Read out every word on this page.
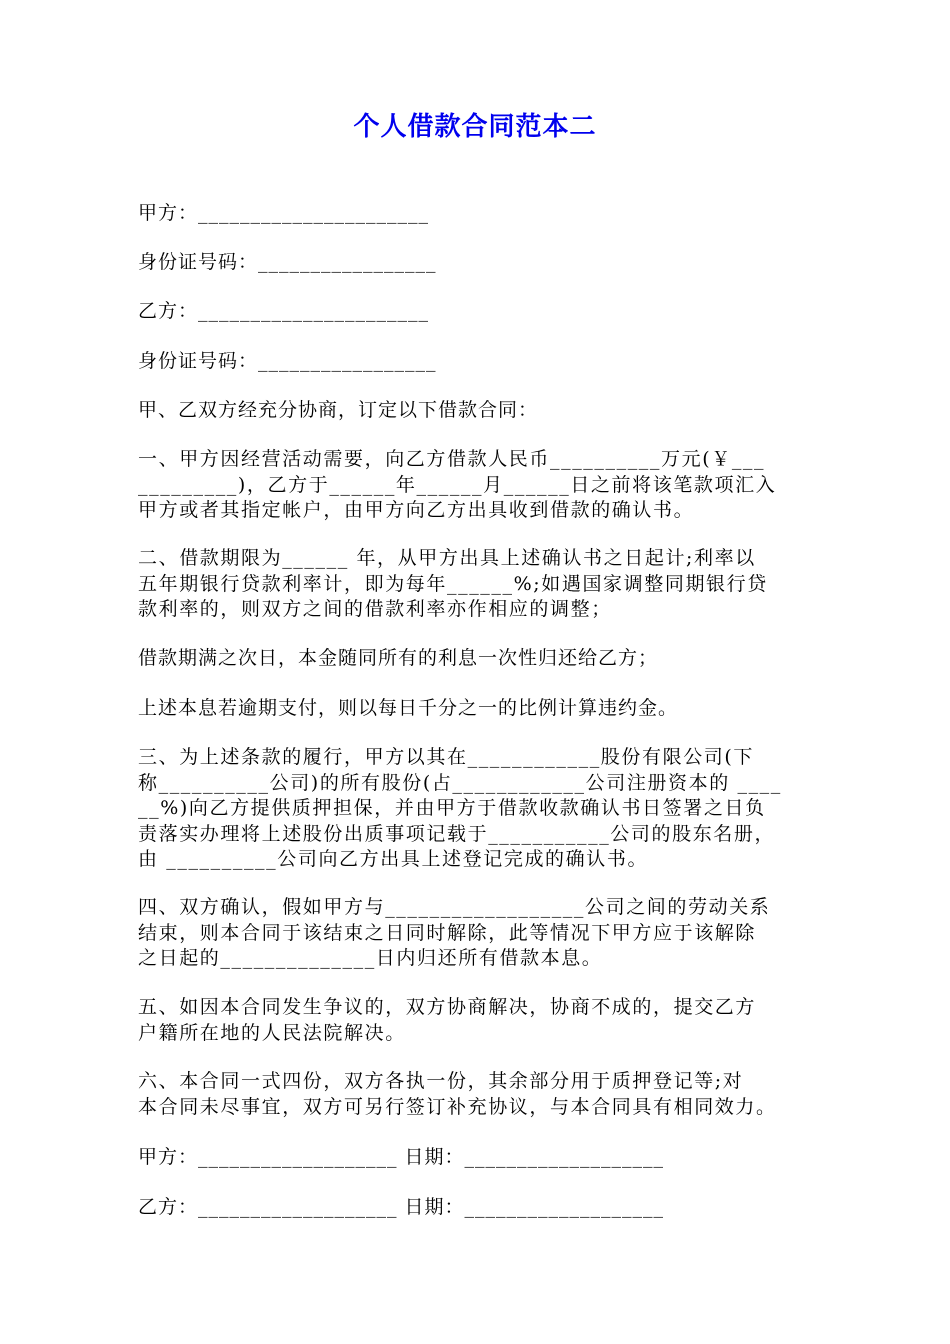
个人借款合同范本二
甲方：______________________
身份证号码：_________________
乙方：______________________
身份证号码：_________________
甲、乙双方经充分协商，订定以下借款合同：
一、甲方因经营活动需要，向乙方借款人民币__________万元(￥___
_________)，乙方于______年______月______日之前将该笔款项汇入
甲方或者其指定帐户，由甲方向乙方出具收到借款的确认书。
二、借款期限为______ 年，从甲方出具上述确认书之日起计;利率以
五年期银行贷款利率计，即为每年______%;如遇国家调整同期银行贷
款利率的，则双方之间的借款利率亦作相应的调整；
借款期满之次日，本金随同所有的利息一次性归还给乙方；
上述本息若逾期支付，则以每日千分之一的比例计算违约金。
三、为上述条款的履行，甲方以其在____________股份有限公司(下
称__________公司)的所有股份(占____________公司注册资本的 ____
__%)向乙方提供质押担保，并由甲方于借款收款确认书日签署之日负
责落实办理将上述股份出质事项记载于___________公司的股东名册，
由 __________公司向乙方出具上述登记完成的确认书。
四、双方确认，假如甲方与__________________公司之间的劳动关系
结束，则本合同于该结束之日同时解除，此等情况下甲方应于该解除
之日起的______________日内归还所有借款本息。
五、如因本合同发生争议的，双方协商解决，协商不成的，提交乙方
户籍所在地的人民法院解决。
六、本合同一式四份，双方各执一份，其余部分用于质押登记等;对
本合同未尽事宜，双方可另行签订补充协议，与本合同具有相同效力。
甲方：___________________ 日期：___________________
乙方：___________________ 日期：___________________
